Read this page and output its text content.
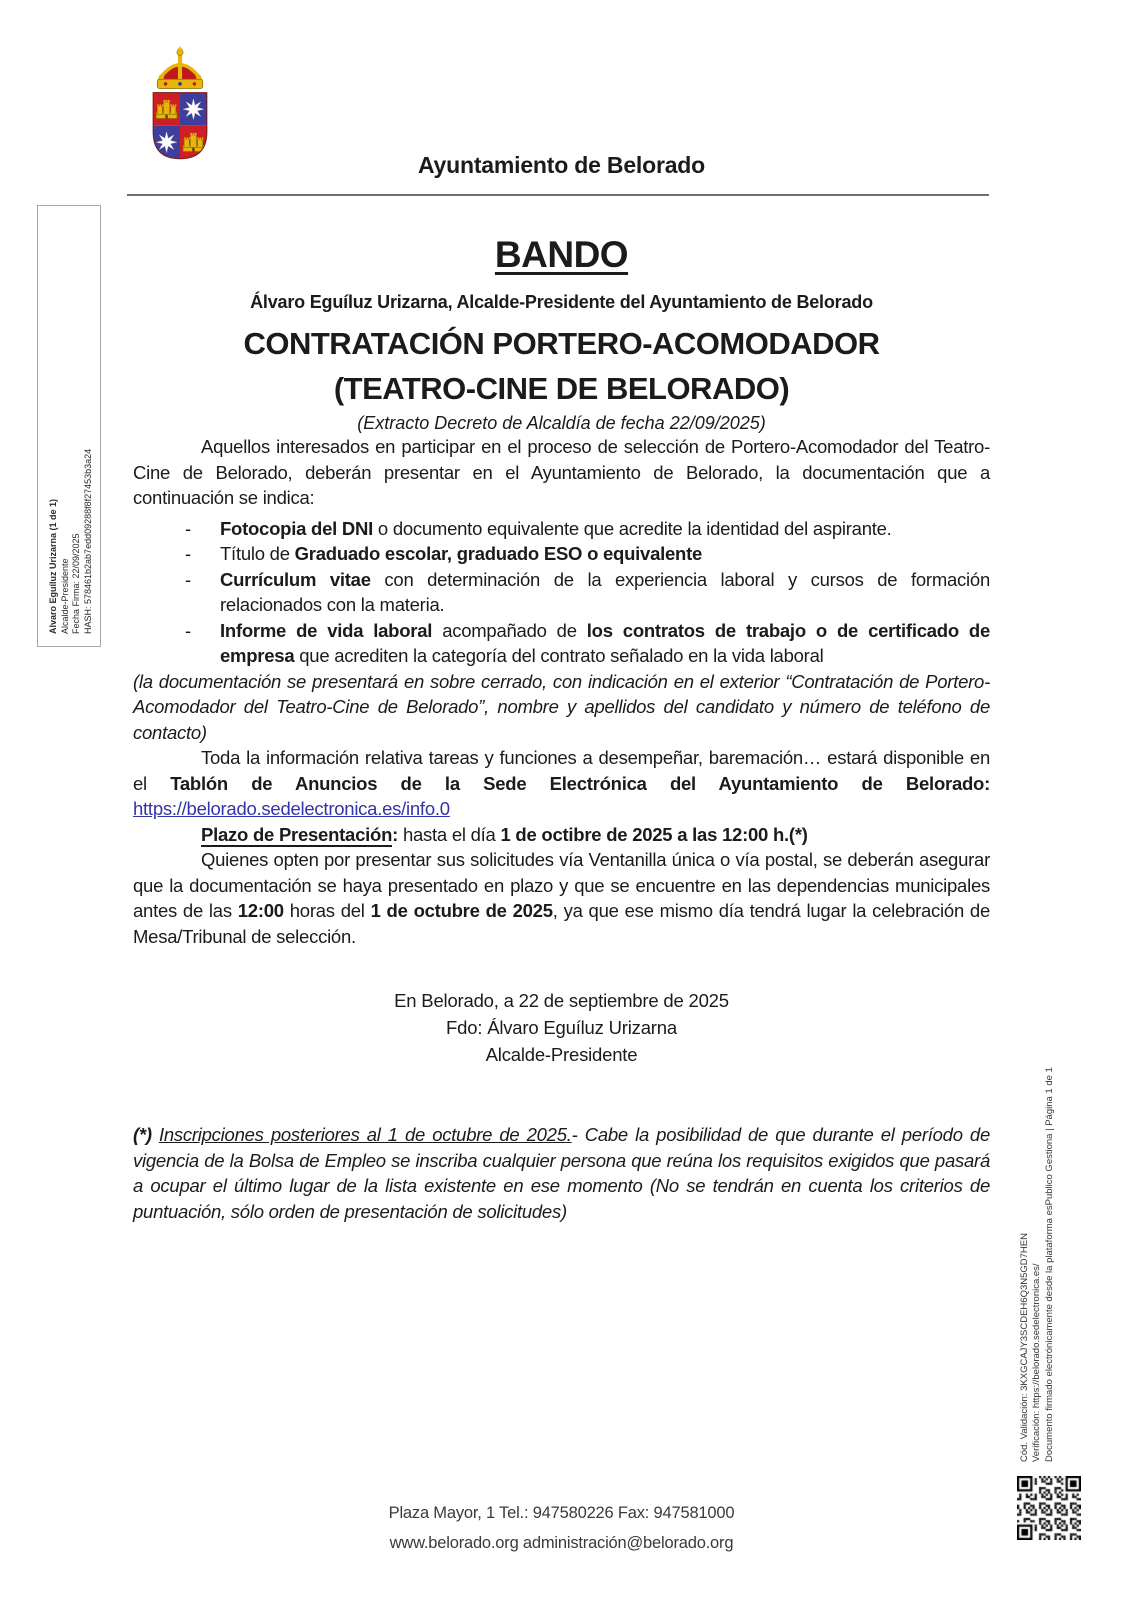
Ayuntamiento de Belorado
Alvaro Eguíluz Urizarna (1 de 1) Alcalde-Presidente Fecha Firma: 22/09/2025 HASH: 578461b2ab7edd09288f8f27453b3a24
BANDO
Álvaro Eguíluz Urizarna, Alcalde-Presidente del Ayuntamiento de Belorado
CONTRATACIÓN PORTERO-ACOMODADOR
(TEATRO-CINE DE BELORADO)
(Extracto Decreto de Alcaldía de fecha 22/09/2025)

Aquellos interesados en participar en el proceso de selección de Portero-Acomodador del Teatro-Cine de Belorado, deberán presentar en el Ayuntamiento de Belorado, la documentación que a continuación se indica:

- Fotocopia del DNI o documento equivalente que acredite la identidad del aspirante.

- Título de Graduado escolar, graduado ESO o equivalente

- Currículum vitae con determinación de la experiencia laboral y cursos de formación relacionados con la materia.

- Informe de vida laboral acompañado de los contratos de trabajo o de certificado de empresa que acrediten la categoría del contrato señalado en la vida laboral

(la documentación se presentará en sobre cerrado, con indicación en el exterior “Contratación de Portero-Acomodador del Teatro-Cine de Belorado”, nombre y apellidos del candidato y número de teléfono de contacto)

Toda la información relativa tareas y funciones a desempeñar, baremación… estará disponible en el Tablón de Anuncios de la Sede Electrónica del Ayuntamiento de Belorado: https://belorado.sedelectronica.es/info.0

Plazo de Presentación: hasta el día 1 de octibre de 2025 a las 12:00 h.(*)

Quienes opten por presentar sus solicitudes vía Ventanilla única o vía postal, se deberán asegurar que la documentación se haya presentado en plazo y que se encuentre en las dependencias municipales antes de las 12:00 horas del 1 de octubre de 2025, ya que ese mismo día tendrá lugar la celebración de Mesa/Tribunal de selección.

En Belorado, a 22 de septiembre de 2025
Fdo: Álvaro Eguíluz Urizarna
Alcalde-Presidente

(*) Inscripciones posteriores al 1 de octubre de 2025.- Cabe la posibilidad de que durante el período de vigencia de la Bolsa de Empleo se inscriba cualquier persona que reúna los requisitos exigidos que pasará a ocupar el último lugar de la lista existente en ese momento (No se tendrán en cuenta los criterios de puntuación, sólo orden de presentación de solicitudes)

Plaza Mayor, 1 Tel.: 947580226 Fax: 947581000
www.belorado.org administración@belorado.org
Cód. Validación: 3KXGCAJY3SCDEH6Q3N5GD7HEN Verificación: https://belorado.sedelectronica.es/ Documento firmado electrónicamente desde la plataforma esPublico Gestiona | Página 1 de 1
